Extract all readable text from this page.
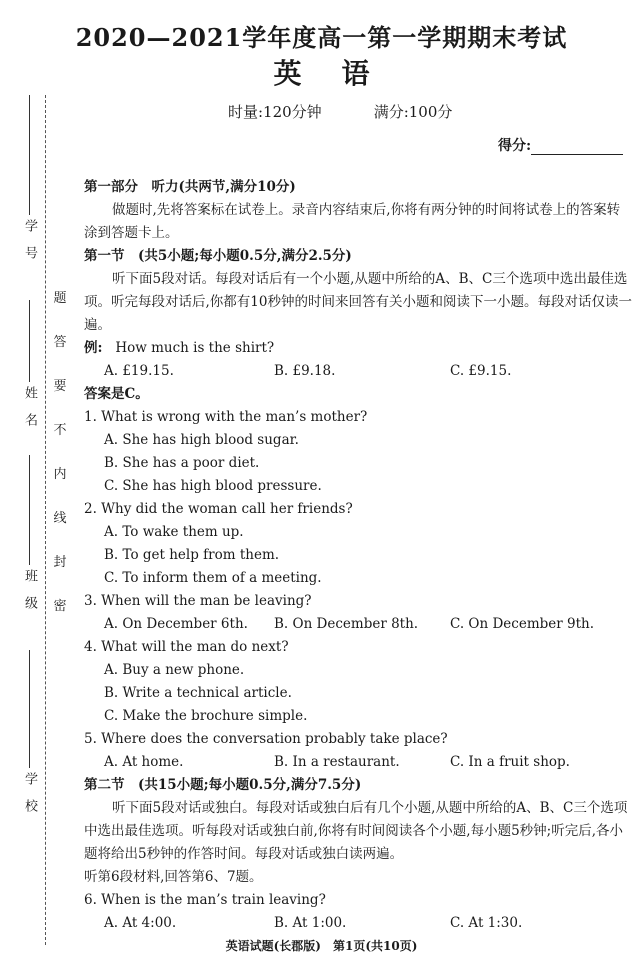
学号
姓名
班级
学校
密
封
线
内
不
要
答
题
2020—2021学年度高一第一学期期末考试
英语
时量:120分钟	满分:100分
得分:

第一部分　听力(共两节,满分10分)

做题时,先将答案标在试卷上。录音内容结束后,你将有两分钟的时间将试卷上的答案转涂到答题卡上。

第一节　(共5小题;每小题0.5分,满分2.5分)

听下面5段对话。每段对话后有一个小题,从题中所给的A、B、C三个选项中选出最佳选项。听完每段对话后,你都有10秒钟的时间来回答有关小题和阅读下一小题。每段对话仅读一遍。

例: How much is the shirt?

A. £19.15.	B. £9.18.	C. £9.15.

答案是C。

1. What is wrong with the man’s mother?

A. She has high blood sugar.

B. She has a poor diet.

C. She has high blood pressure.

2. Why did the woman call her friends?

A. To wake them up.

B. To get help from them.

C. To inform them of a meeting.

3. When will the man be leaving?

A. On December 6th.	B. On December 8th.	C. On December 9th.

4. What will the man do next?

A. Buy a new phone.

B. Write a technical article.

C. Make the brochure simple.

5. Where does the conversation probably take place?

A. At home.	B. In a restaurant.	C. In a fruit shop.

第二节　(共15小题;每小题0.5分,满分7.5分)

听下面5段对话或独白。每段对话或独白后有几个小题,从题中所给的A、B、C三个选项中选出最佳选项。听每段对话或独白前,你将有时间阅读各个小题,每小题5秒钟;听完后,各小题将给出5秒钟的作答时间。每段对话或独白读两遍。

听第6段材料,回答第6、7题。

6. When is the man’s train leaving?

A. At 4:00.	B. At 1:00.	C. At 1:30.
英语试题(长郡版)　第1页(共10页)
